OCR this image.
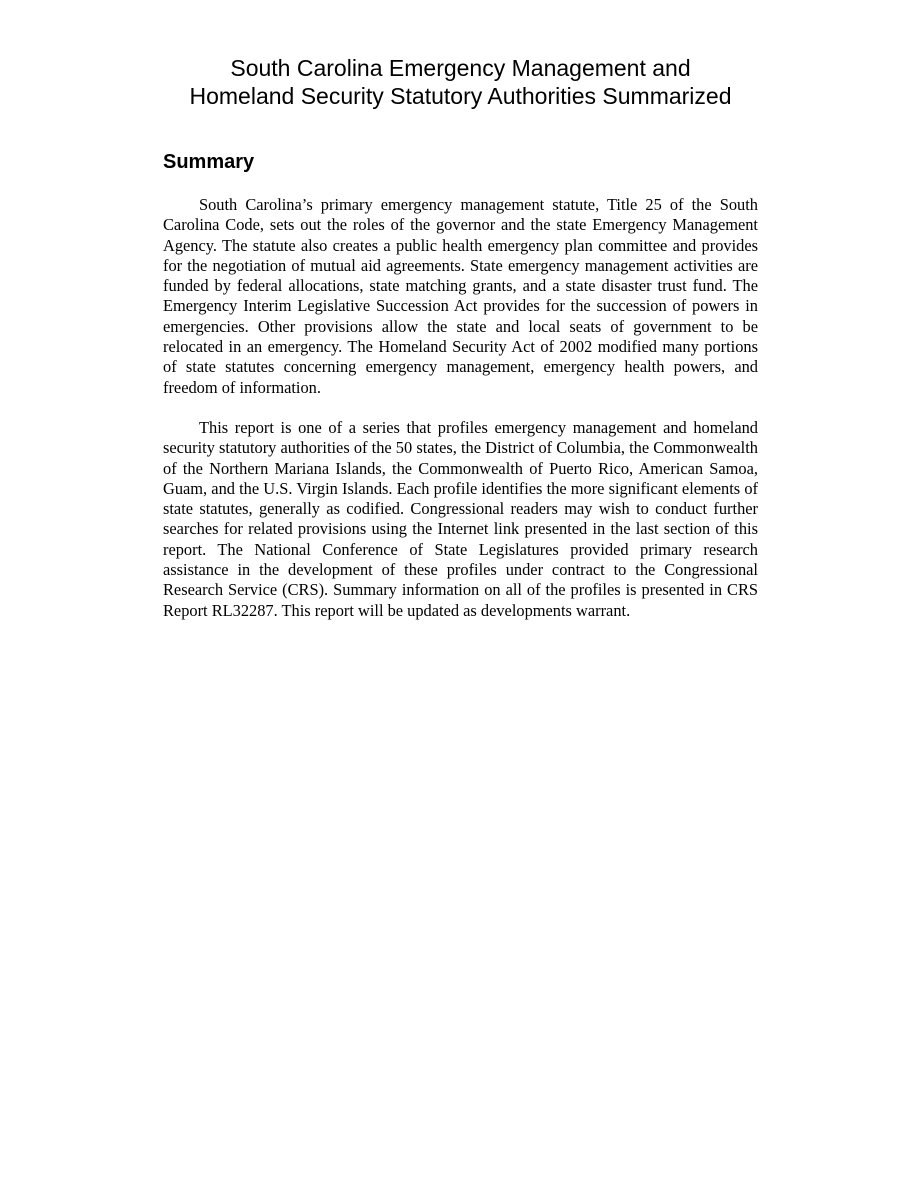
South Carolina Emergency Management and
Homeland Security Statutory Authorities Summarized
Summary

South Carolina’s primary emergency management statute, Title 25 of the South Carolina Code, sets out the roles of the governor and the state Emergency Management Agency. The statute also creates a public health emergency plan committee and provides for the negotiation of mutual aid agreements. State emergency management activities are funded by federal allocations, state matching grants, and a state disaster trust fund. The Emergency Interim Legislative Succession Act provides for the succession of powers in emergencies. Other provisions allow the state and local seats of government to be relocated in an emergency. The Homeland Security Act of 2002 modified many portions of state statutes concerning emergency management, emergency health powers, and freedom of information.

This report is one of a series that profiles emergency management and homeland security statutory authorities of the 50 states, the District of Columbia, the Commonwealth of the Northern Mariana Islands, the Commonwealth of Puerto Rico, American Samoa, Guam, and the U.S. Virgin Islands. Each profile identifies the more significant elements of state statutes, generally as codified. Congressional readers may wish to conduct further searches for related provisions using the Internet link presented in the last section of this report. The National Conference of State Legislatures provided primary research assistance in the development of these profiles under contract to the Congressional Research Service (CRS). Summary information on all of the profiles is presented in CRS Report RL32287. This report will be updated as developments warrant.
